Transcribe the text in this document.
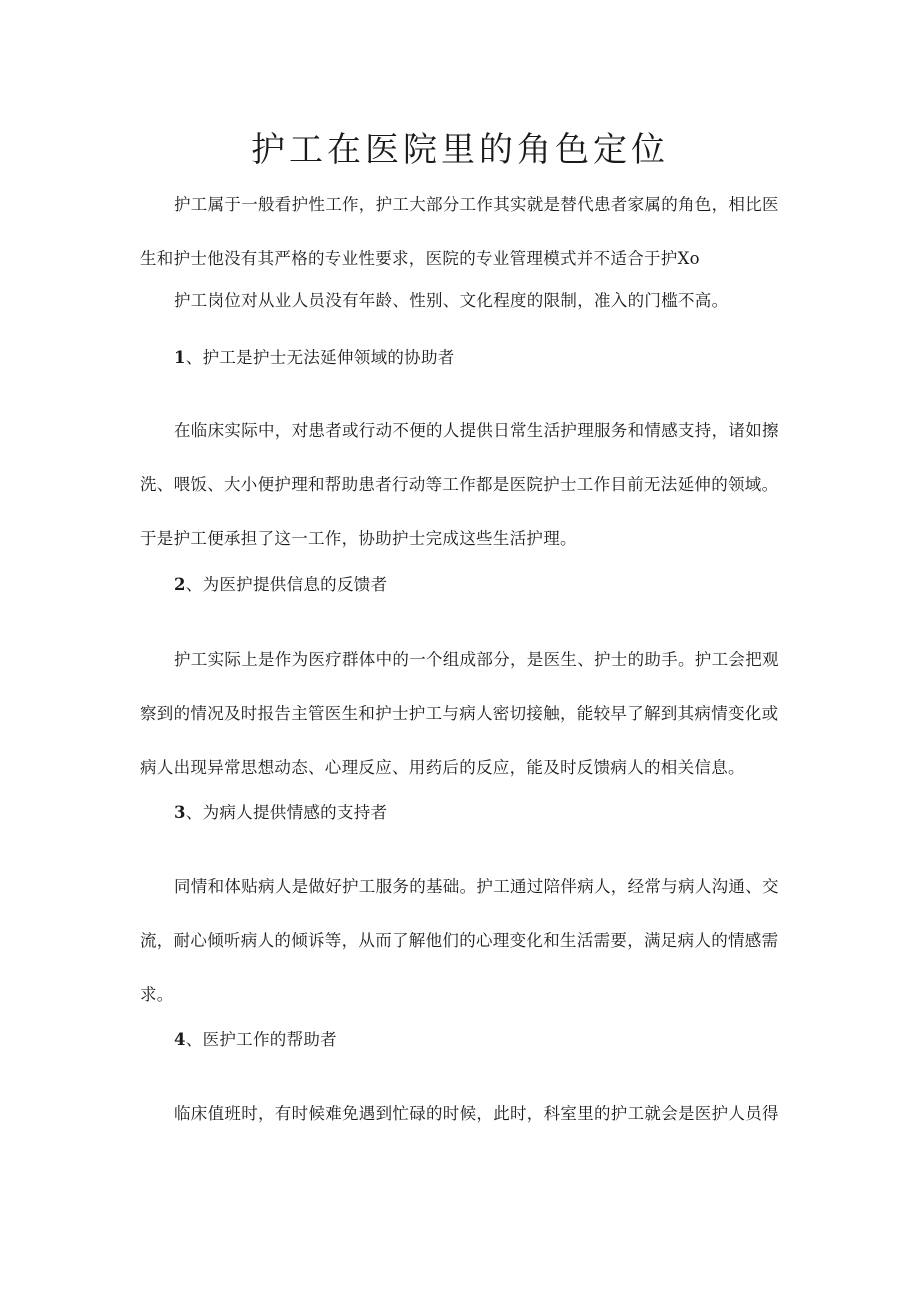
护工在医院里的角色定位

护工属于一般看护性工作，护工大部分工作其实就是替代患者家属的角色，相比医
生和护士他没有其严格的专业性要求，医院的专业管理模式并不适合于护Xo

护工岗位对从业人员没有年龄、性别、文化程度的限制，准入的门槛不高。

1、护工是护士无法延伸领域的协助者

在临床实际中，对患者或行动不便的人提供日常生活护理服务和情感支持，诸如擦
洗、喂饭、大小便护理和帮助患者行动等工作都是医院护士工作目前无法延伸的领域。
于是护工便承担了这一工作，协助护士完成这些生活护理。

2、为医护提供信息的反馈者

护工实际上是作为医疗群体中的一个组成部分，是医生、护士的助手。护工会把观
察到的情况及时报告主管医生和护士护工与病人密切接触，能较早了解到其病情变化或
病人出现异常思想动态、心理反应、用药后的反应，能及时反馈病人的相关信息。

3、为病人提供情感的支持者

同情和体贴病人是做好护工服务的基础。护工通过陪伴病人，经常与病人沟通、交
流，耐心倾听病人的倾诉等，从而了解他们的心理变化和生活需要，满足病人的情感需
求。

4、医护工作的帮助者

临床值班时，有时候难免遇到忙碌的时候，此时，科室里的护工就会是医护人员得
